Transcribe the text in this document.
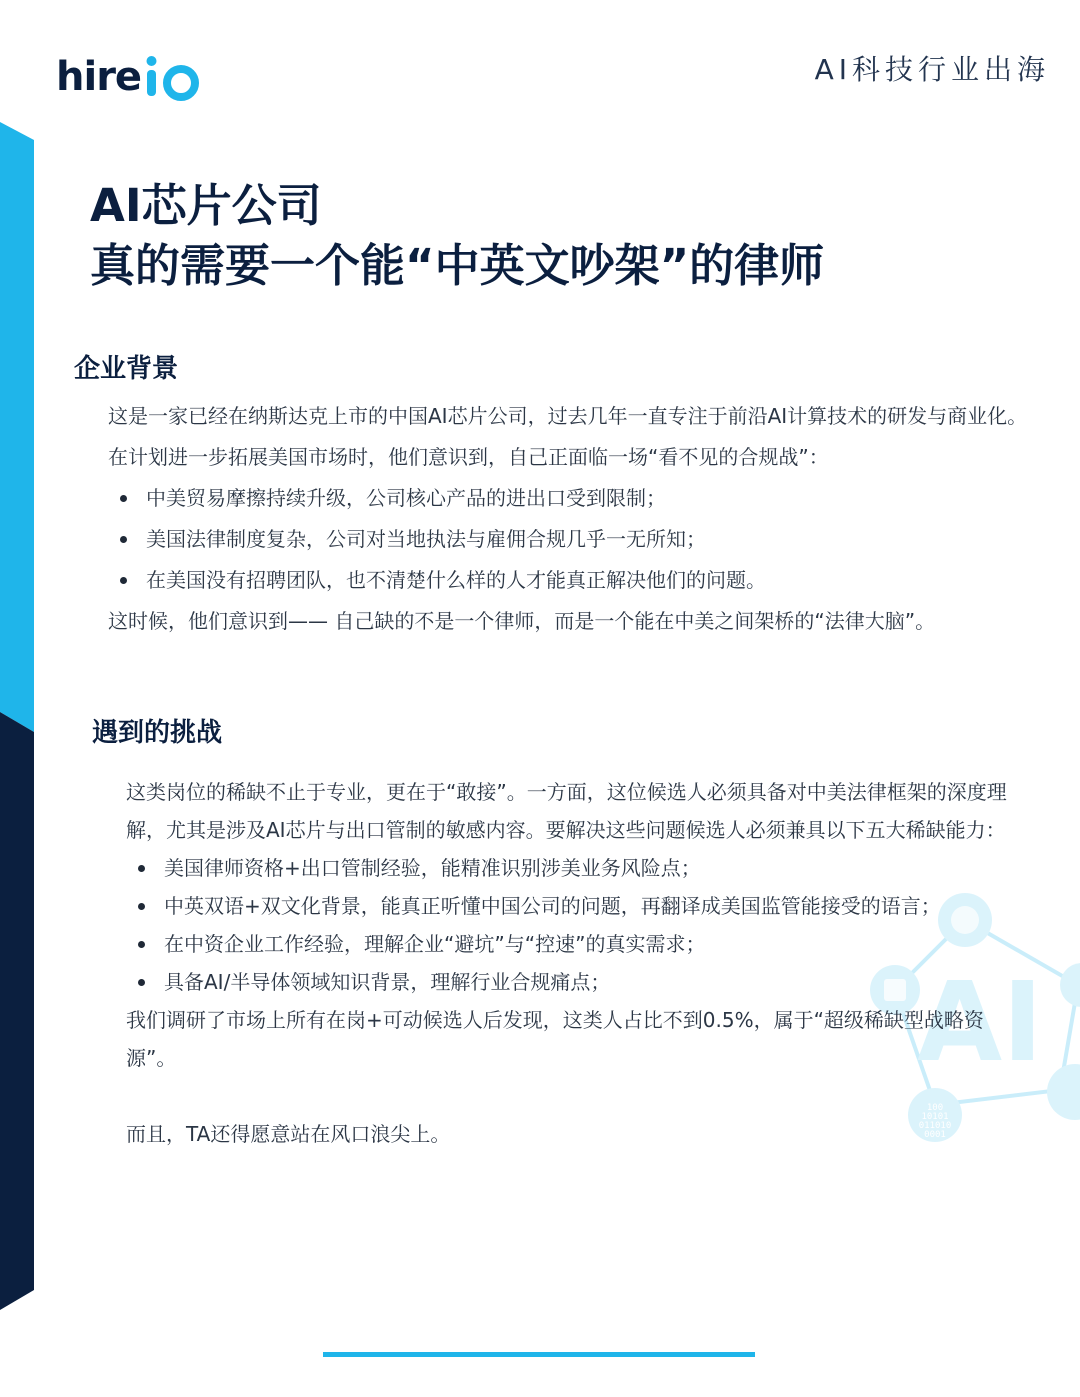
hire
iO
AI科技行业出海
AI芯片公司
真的需要一个能“中英文吵架”的律师
企业背景

这是一家已经在纳斯达克上市的中国AI芯片公司，过去几年一直专注于前沿AI计算技术的研发与商业化。在计划进一步拓展美国市场时，他们意识到，自己正面临一场“看不见的合规战”：

中美贸易摩擦持续升级，公司核心产品的进出口受到限制；
美国法律制度复杂，公司对当地执法与雇佣合规几乎一无所知；
在美国没有招聘团队，也不清楚什么样的人才能真正解决他们的问题。

这时候，他们意识到—— 自己缺的不是一个律师，而是一个能在中美之间架桥的“法律大脑”。

遇到的挑战
AI
100
10101
011010
0001

这类岗位的稀缺不止于专业，更在于“敢接”。一方面，这位候选人必须具备对中美法律框架的深度理解，尤其是涉及AI芯片与出口管制的敏感内容。要解决这些问题候选人必须兼具以下五大稀缺能力：

美国律师资格+出口管制经验，能精准识别涉美业务风险点；
中英双语+双文化背景，能真正听懂中国公司的问题，再翻译成美国监管能接受的语言；
在中资企业工作经验，理解企业“避坑”与“控速”的真实需求；
具备AI/半导体领域知识背景，理解行业合规痛点；

我们调研了市场上所有在岗+可动候选人后发现，这类人占比不到0.5%，属于“超级稀缺型战略资源”。

而且，TA还得愿意站在风口浪尖上。
